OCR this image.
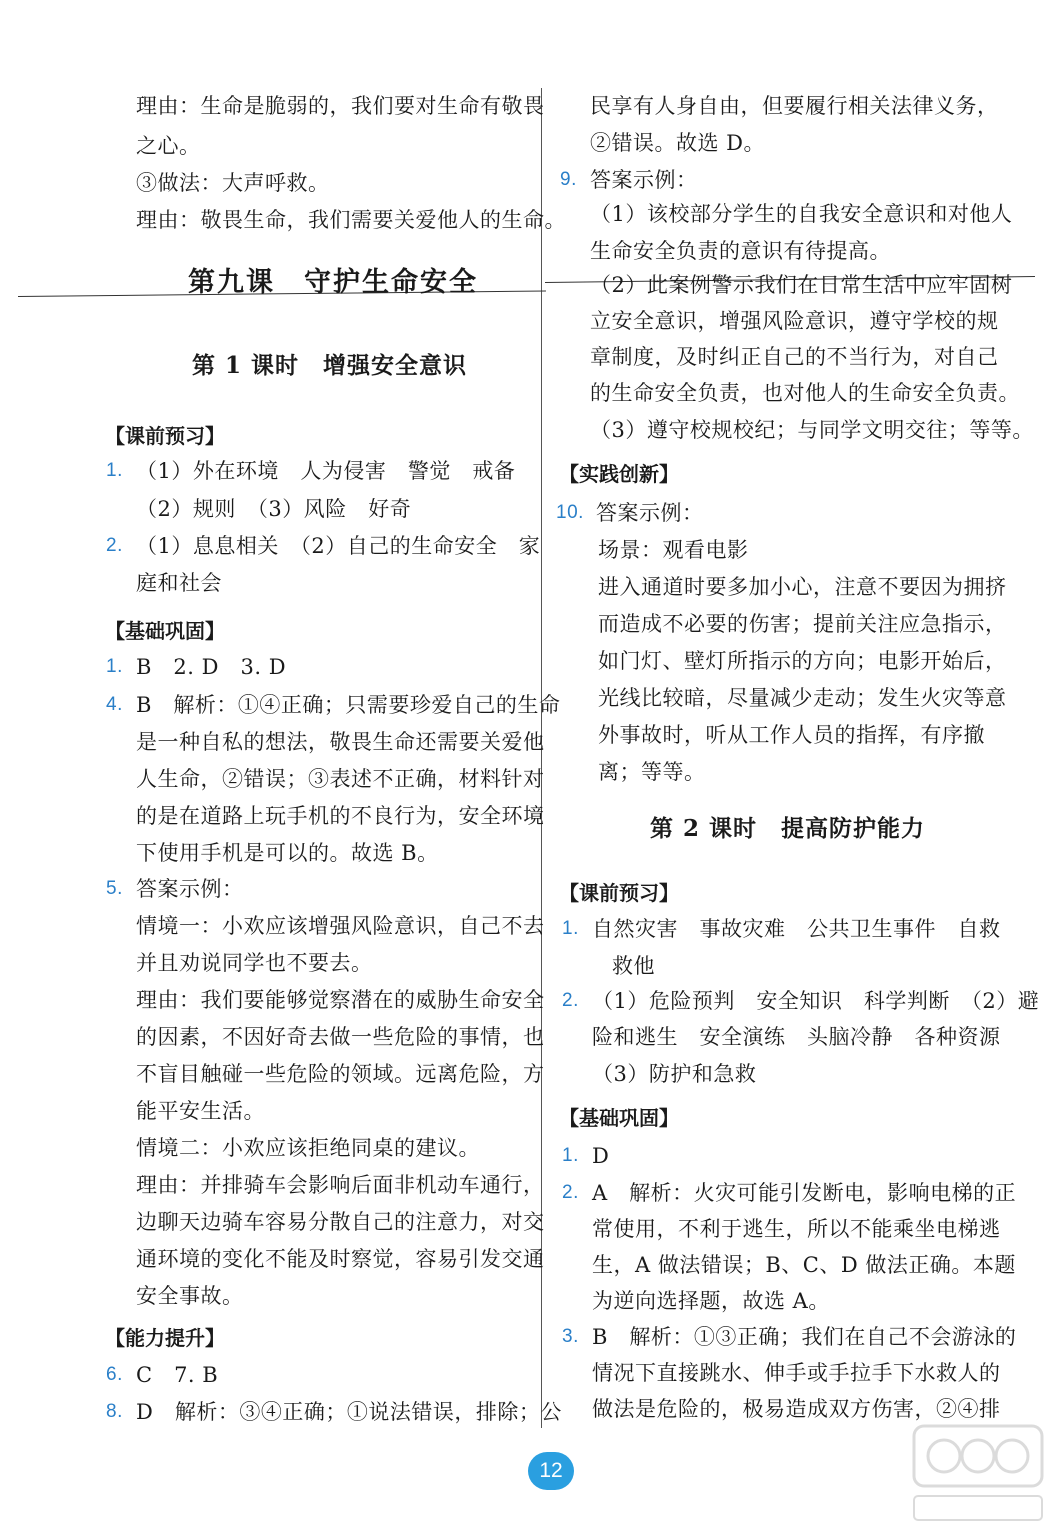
理由：生命是脆弱的，我们要对生命有敬畏
之心。
③做法：大声呼救。
理由：敬畏生命，我们需要关爱他人的生命。
第九课　守护生命安全
第 1 课时　增强安全意识
【课前预习】
1. （1）外在环境　人为侵害　警觉　戒备
（2）规则　（3）风险　好奇
2. （1）息息相关　（2）自己的生命安全　家
庭和社会
【基础巩固】
1. B　2. D　3. D
4. B　解析：①④正确；只需要珍爱自己的生命
是一种自私的想法，敬畏生命还需要关爱他
人生命，②错误；③表述不正确，材料针对
的是在道路上玩手机的不良行为，安全环境
下使用手机是可以的。故选 B。
5. 答案示例：
情境一：小欢应该增强风险意识，自己不去
并且劝说同学也不要去。
理由：我们要能够觉察潜在的威胁生命安全
的因素，不因好奇去做一些危险的事情，也
不盲目触碰一些危险的领域。远离危险，方
能平安生活。
情境二：小欢应该拒绝同桌的建议。
理由：并排骑车会影响后面非机动车通行，
边聊天边骑车容易分散自己的注意力，对交
通环境的变化不能及时察觉，容易引发交通
安全事故。
【能力提升】
6. C　7. B
8. D　解析：③④正确；①说法错误，排除；公
民享有人身自由，但要履行相关法律义务，
②错误。故选 D。
9. 答案示例：
（1）该校部分学生的自我安全意识和对他人
生命安全负责的意识有待提高。
（2）此案例警示我们在日常生活中应牢固树
立安全意识，增强风险意识，遵守学校的规
章制度，及时纠正自己的不当行为，对自己
的生命安全负责，也对他人的生命安全负责。
（3）遵守校规校纪；与同学文明交往；等等。
【实践创新】
10. 答案示例：
场景：观看电影
进入通道时要多加小心，注意不要因为拥挤
而造成不必要的伤害；提前关注应急指示，
如门灯、壁灯所指示的方向；电影开始后，
光线比较暗，尽量减少走动；发生火灾等意
外事故时，听从工作人员的指挥，有序撤
离；等等。
第 2 课时　提高防护能力
【课前预习】
1. 自然灾害　事故灾难　公共卫生事件　自救
救他
2. （1）危险预判　安全知识　科学判断　（2）避
险和逃生　安全演练　头脑冷静　各种资源
（3）防护和急救
【基础巩固】
1. D
2. A　解析：火灾可能引发断电，影响电梯的正
常使用，不利于逃生，所以不能乘坐电梯逃
生，A 做法错误；B、C、D 做法正确。本题
为逆向选择题，故选 A。
3. B　解析：①③正确；我们在自己不会游泳的
情况下直接跳水、伸手或手拉手下水救人的
做法是危险的，极易造成双方伤害，②④排
12
